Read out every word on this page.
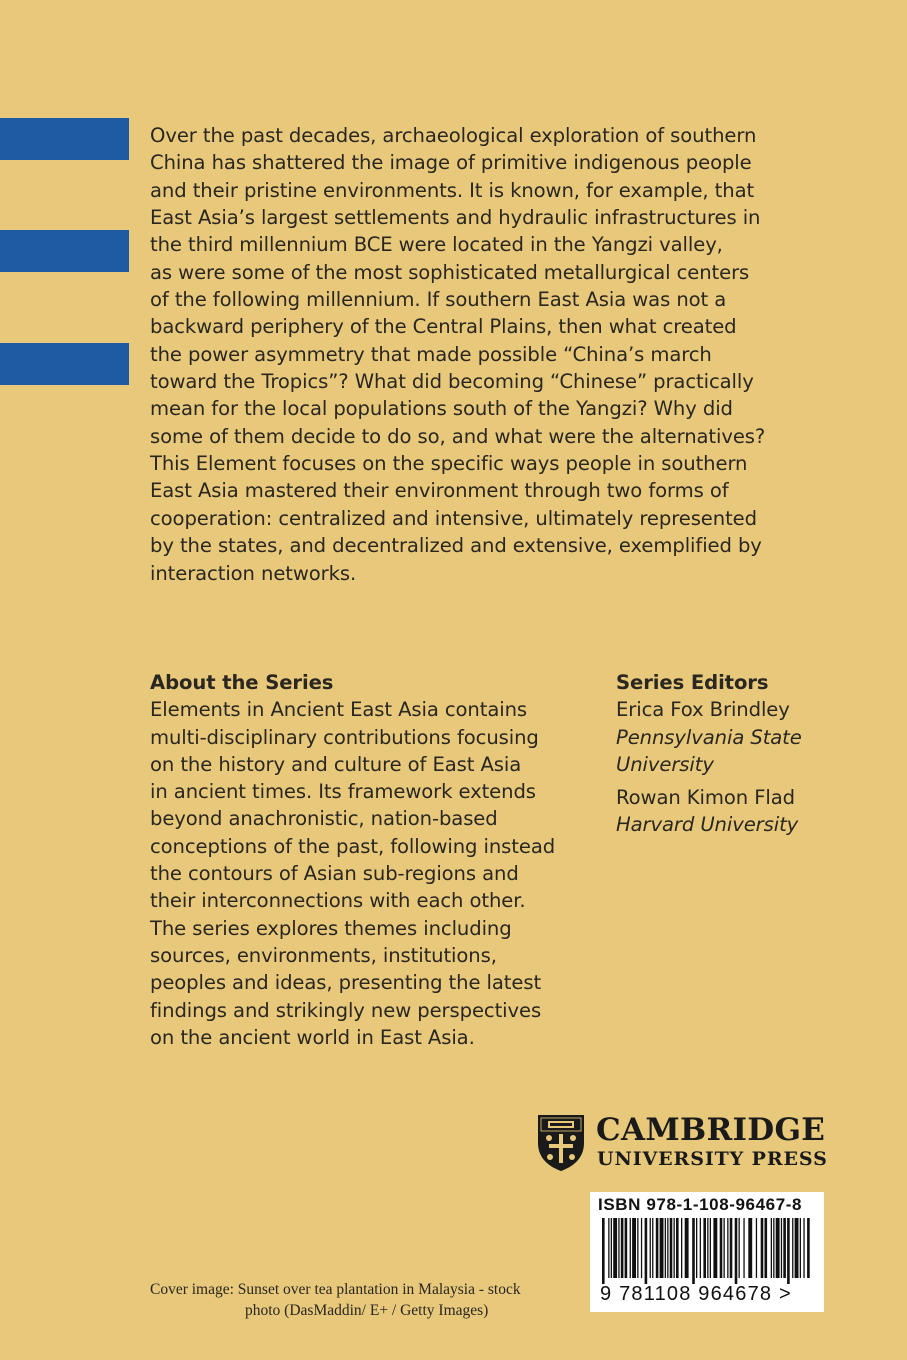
Over the past decades, archaeological exploration of southern
China has shattered the image of primitive indigenous people
and their pristine environments. It is known, for example, that
East Asia’s largest settlements and hydraulic infrastructures in
the third millennium BCE were located in the Yangzi valley,
as were some of the most sophisticated metallurgical centers
of the following millennium. If southern East Asia was not a
backward periphery of the Central Plains, then what created
the power asymmetry that made possible “China’s march
toward the Tropics”? What did becoming “Chinese” practically
mean for the local populations south of the Yangzi? Why did
some of them decide to do so, and what were the alternatives?
This Element focuses on the specific ways people in southern
East Asia mastered their environment through two forms of
cooperation: centralized and intensive, ultimately represented
by the states, and decentralized and extensive, exemplified by
interaction networks.
About the Series
Elements in Ancient East Asia contains
multi-disciplinary contributions focusing
on the history and culture of East Asia
in ancient times. Its framework extends
beyond anachronistic, nation-based
conceptions of the past, following instead
the contours of Asian sub-regions and
their interconnections with each other.
The series explores themes including
sources, environments, institutions,
peoples and ideas, presenting the latest
findings and strikingly new perspectives
on the ancient world in East Asia.
Series Editors
Erica Fox Brindley
Pennsylvania State
University
Rowan Kimon Flad
Harvard University
CAMBRIDGE
UNIVERSITY PRESS
ISBN 978-1-108-96467-8
9 781108 964678 >
Cover image: Sunset over tea plantation in Malaysia - stock
photo (DasMaddin/ E+ / Getty Images)
